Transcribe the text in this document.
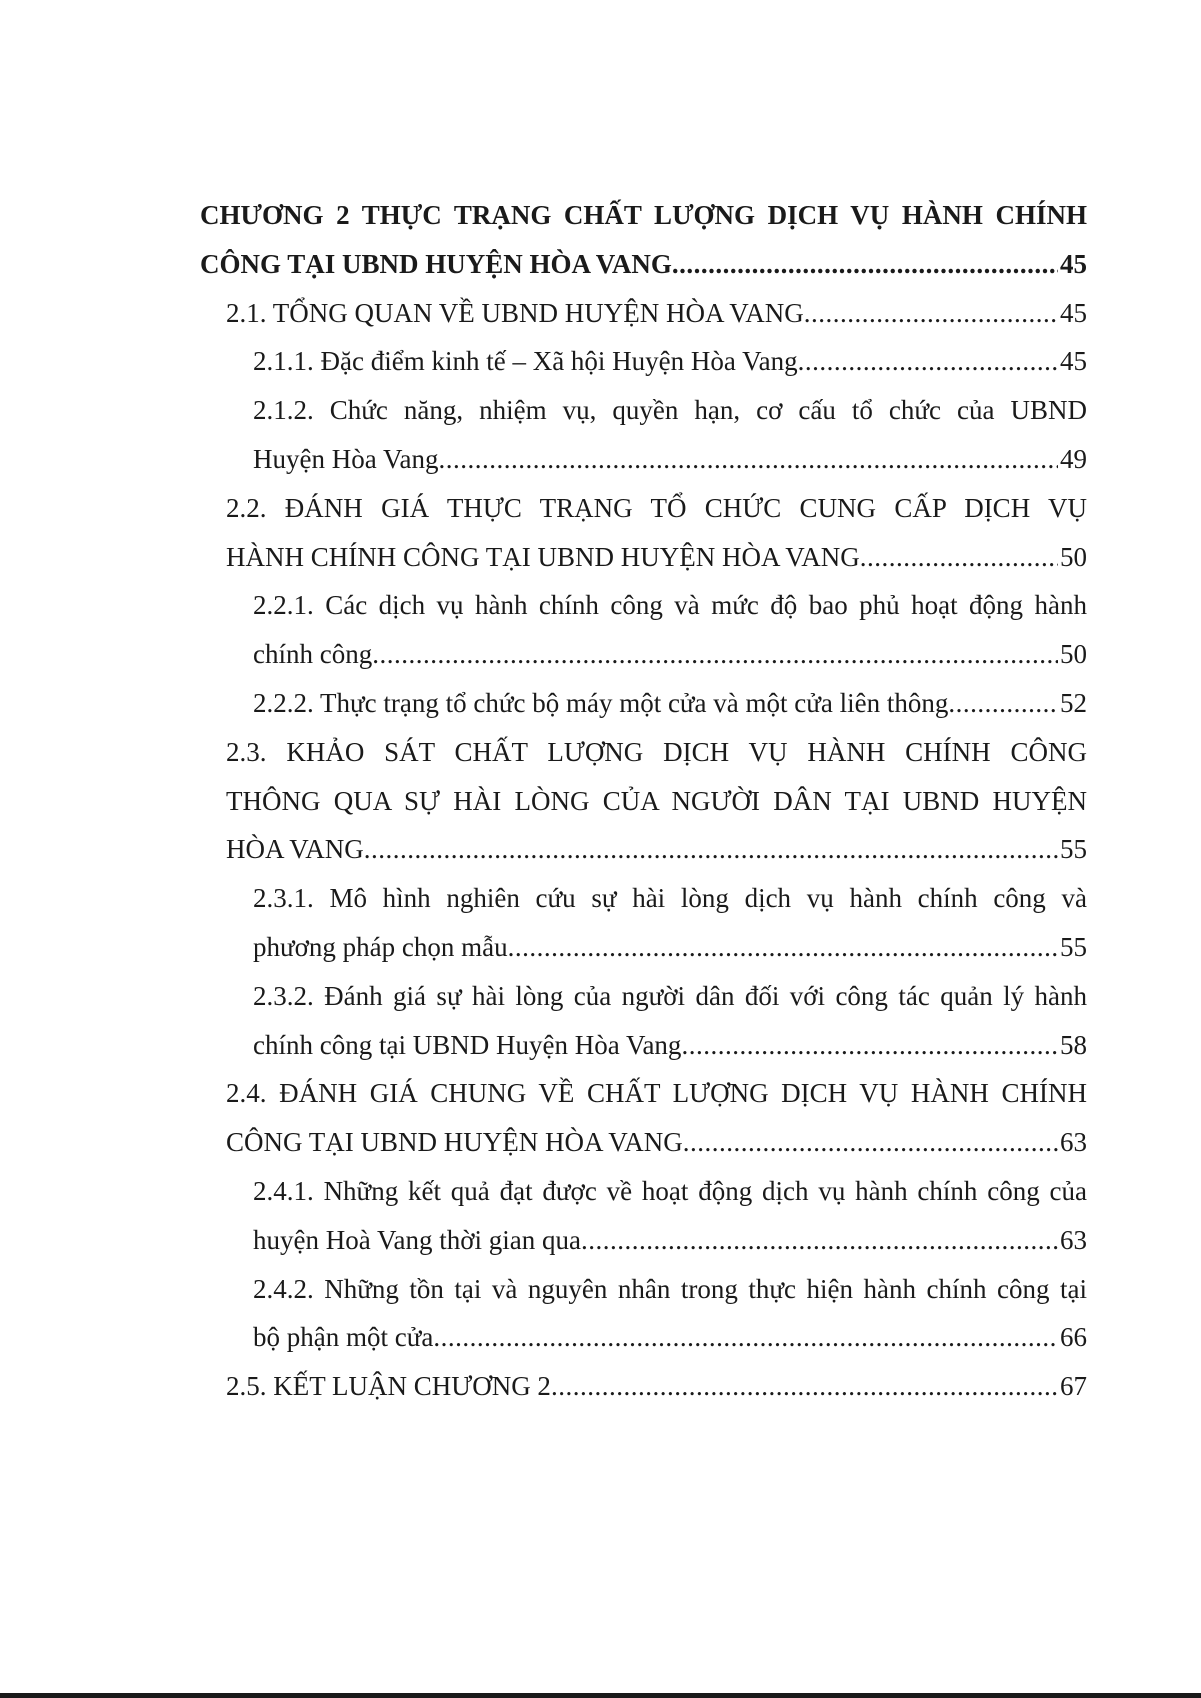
CHƯƠNG 2 THỰC TRẠNG CHẤT LƯỢNG DỊCH VỤ HÀNH CHÍNH
CÔNG TẠI UBND HUYỆN HÒA VANG .....	45
2.1. TỔNG QUAN VỀ UBND HUYỆN HÒA VANG .....	45
2.1.1. Đặc điểm kinh tế – Xã hội Huyện Hòa Vang .....	45
2.1.2. Chức năng, nhiệm vụ, quyền hạn, cơ cấu tổ chức của UBND
Huyện Hòa Vang .....	49
2.2. ĐÁNH GIÁ THỰC TRẠNG TỔ CHỨC CUNG CẤP DỊCH VỤ
HÀNH CHÍNH CÔNG TẠI UBND HUYỆN HÒA VANG .....	50
2.2.1. Các dịch vụ hành chính công và mức độ bao phủ hoạt động hành
chính công .....	50
2.2.2. Thực trạng tổ chức bộ máy một cửa và một cửa liên thông .....	52
2.3. KHẢO SÁT CHẤT LƯỢNG DỊCH VỤ HÀNH CHÍNH CÔNG
THÔNG QUA SỰ HÀI LÒNG CỦA NGƯỜI DÂN TẠI UBND HUYỆN
HÒA VANG .....	55
2.3.1. Mô hình nghiên cứu sự hài lòng dịch vụ hành chính công và
phương pháp chọn mẫu .....	55
2.3.2. Đánh giá sự hài lòng của người dân đối với công tác quản lý hành
chính công tại UBND Huyện Hòa Vang .....	58
2.4. ĐÁNH GIÁ CHUNG VỀ CHẤT LƯỢNG DỊCH VỤ HÀNH CHÍNH
CÔNG TẠI UBND HUYỆN HÒA VANG .....	63
2.4.1. Những kết quả đạt được về hoạt động dịch vụ hành chính công của
huyện Hoà Vang thời gian qua .....	63
2.4.2. Những tồn tại và nguyên nhân trong thực hiện hành chính công tại
bộ phận một cửa .....	66
2.5. KẾT LUẬN CHƯƠNG 2 .....	67
